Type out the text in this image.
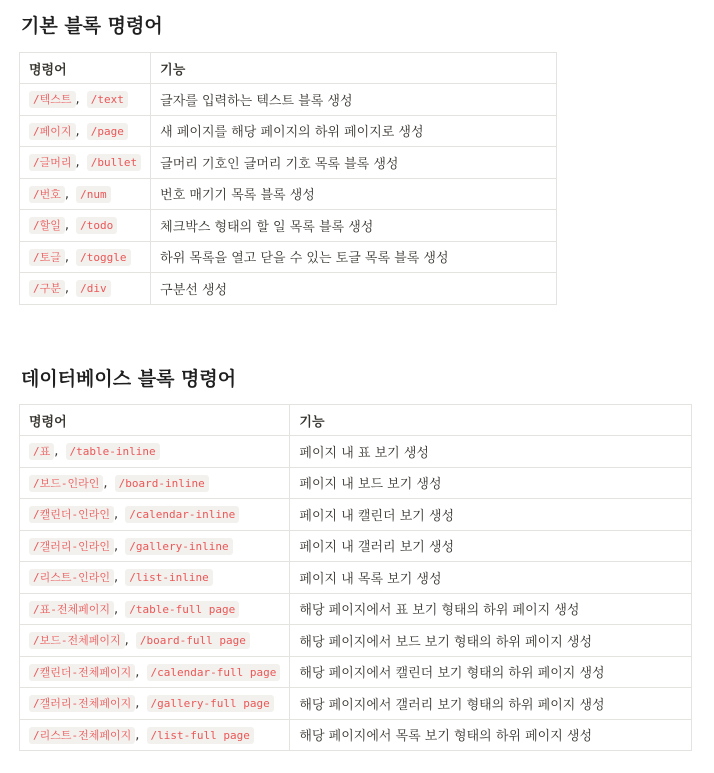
기본 블록 명령어
명령어	기능
/텍스트 , /text	글자를 입력하는 텍스트 블록 생성
/페이지 , /page	새 페이지를 해당 페이지의 하위 페이지로 생성
/글머리 , /bullet	글머리 기호인 글머리 기호 목록 블록 생성
/번호 , /num	번호 매기기 목록 블록 생성
/할일 , /todo	체크박스 형태의 할 일 목록 블록 생성
/토글 , /toggle	하위 목록을 열고 닫을 수 있는 토글 목록 블록 생성
/구분 , /div	구분선 생성
데이터베이스 블록 명령어
명령어	기능
/표 , /table-inline	페이지 내 표 보기 생성
/보드-인라인 , /board-inline	페이지 내 보드 보기 생성
/캘린더-인라인 , /calendar-inline	페이지 내 캘린더 보기 생성
/갤러리-인라인 , /gallery-inline	페이지 내 갤러리 보기 생성
/리스트-인라인 , /list-inline	페이지 내 목록 보기 생성
/표-전체페이지 , /table-full page	해당 페이지에서 표 보기 형태의 하위 페이지 생성
/보드-전체페이지 , /board-full page	해당 페이지에서 보드 보기 형태의 하위 페이지 생성
/캘린더-전체페이지 , /calendar-full page	해당 페이지에서 캘린더 보기 형태의 하위 페이지 생성
/갤러리-전체페이지 , /gallery-full page	해당 페이지에서 갤러리 보기 형태의 하위 페이지 생성
/리스트-전체페이지 , /list-full page	해당 페이지에서 목록 보기 형태의 하위 페이지 생성
